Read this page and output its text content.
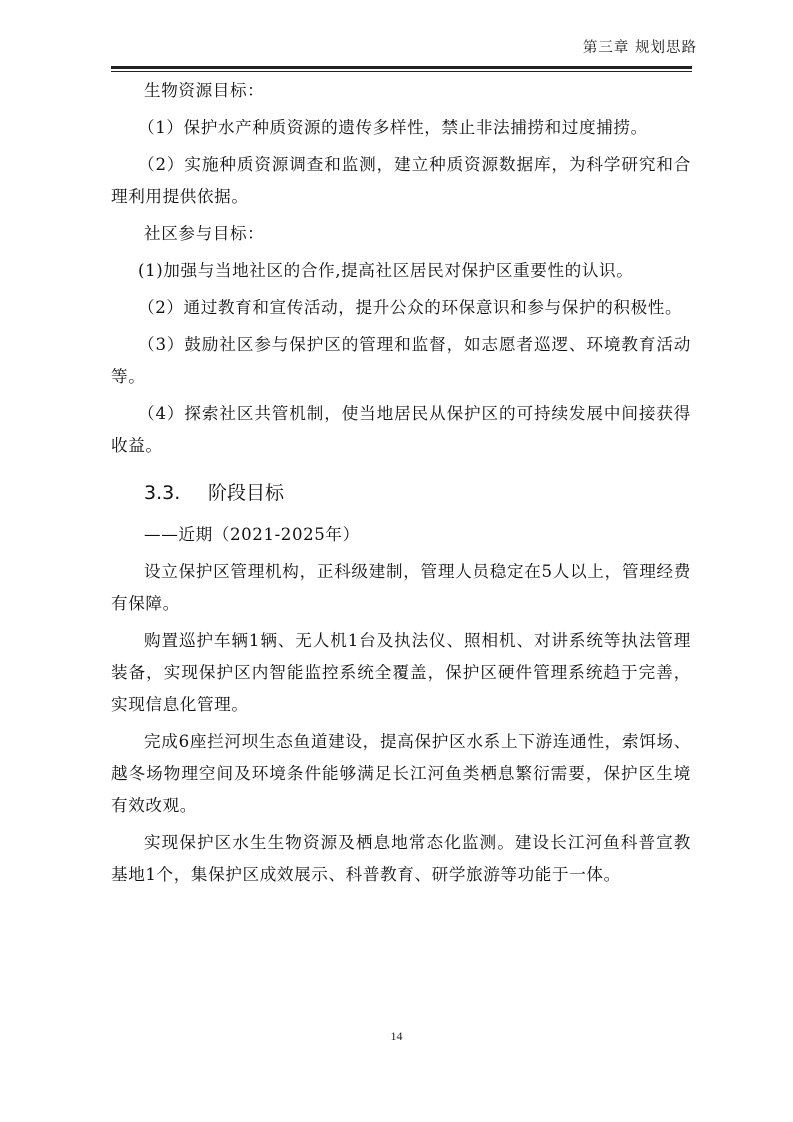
第三章 规划思路

生物资源目标：

（1）保护水产种质资源的遗传多样性，禁止非法捕捞和过度捕捞。

（2）实施种质资源调查和监测，建立种质资源数据库，为科学研究和合理利用提供依据。

社区参与目标：

(1)加强与当地社区的合作,提高社区居民对保护区重要性的认识。

（2）通过教育和宣传活动，提升公众的环保意识和参与保护的积极性。

（3）鼓励社区参与保护区的管理和监督，如志愿者巡逻、环境教育活动等。

（4）探索社区共管机制，使当地居民从保护区的可持续发展中间接获得收益。

3.3. 阶段目标

——近期（2021-2025年）

设立保护区管理机构，正科级建制，管理人员稳定在5人以上，管理经费有保障。

购置巡护车辆1辆、无人机1台及执法仪、照相机、对讲系统等执法管理装备，实现保护区内智能监控系统全覆盖，保护区硬件管理系统趋于完善，实现信息化管理。

完成6座拦河坝生态鱼道建设，提高保护区水系上下游连通性，索饵场、越冬场物理空间及环境条件能够满足长江河鱼类栖息繁衍需要，保护区生境有效改观。

实现保护区水生生物资源及栖息地常态化监测。建设长江河鱼科普宣教基地1个，集保护区成效展示、科普教育、研学旅游等功能于一体。

14
